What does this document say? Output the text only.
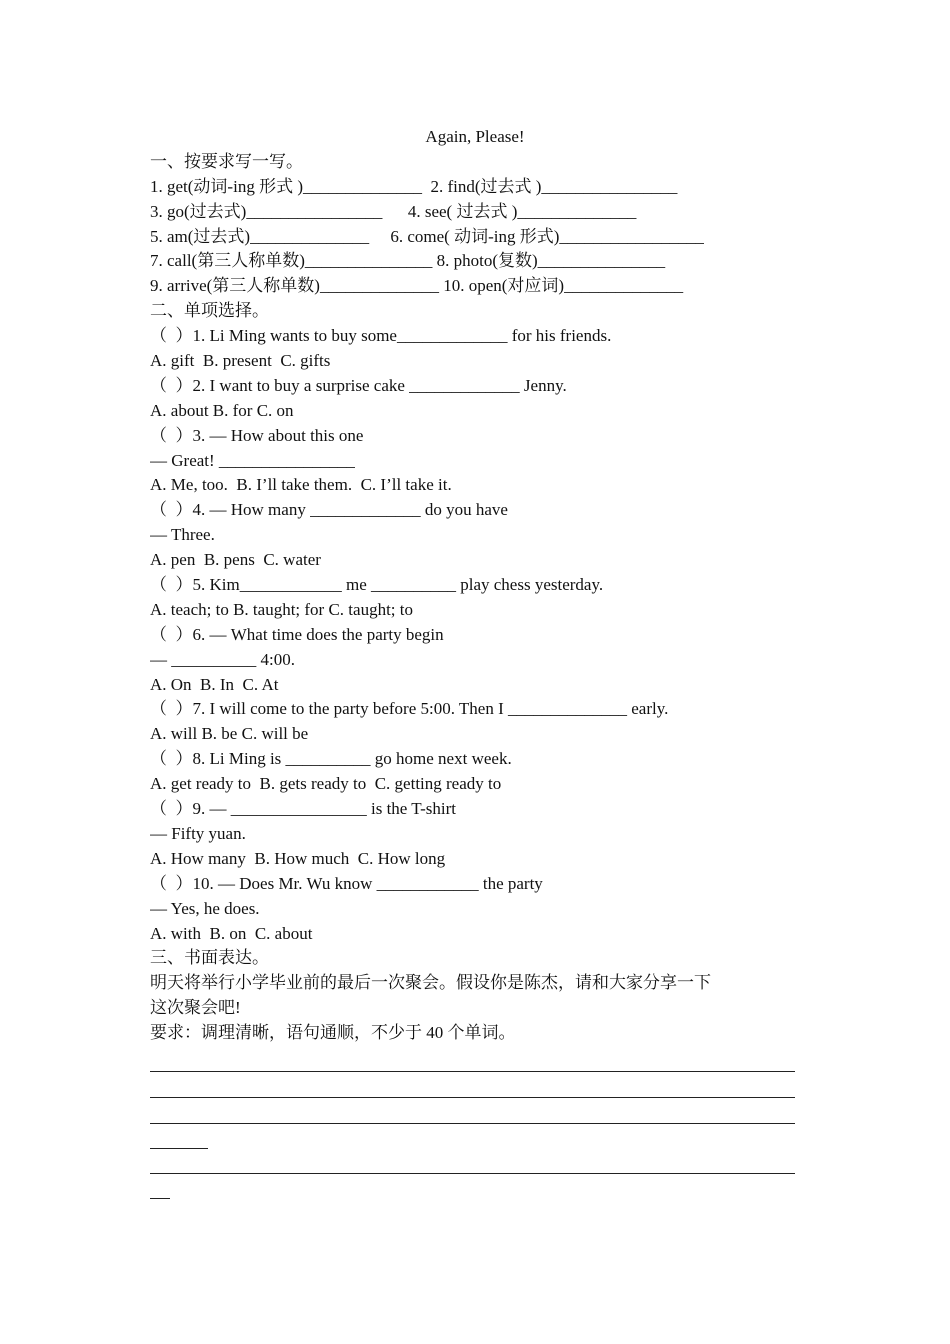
Again, Please!
一、按要求写一写。
1. get(动词-ing 形式 )______________  2. find(过去式 )________________
3. go(过去式)________________      4. see( 过去式 )______________
5. am(过去式)______________     6. come( 动词-ing 形式)_________________
7. call(第三人称单数)_______________ 8. photo(复数)_______________
9. arrive(第三人称单数)______________ 10. open(对应词)______________
二、单项选择。
（  ）1. Li Ming wants to buy some_____________ for his friends.
A. gift  B. present  C. gifts
（  ）2. I want to buy a surprise cake _____________ Jenny.
A. about B. for C. on
（  ）3. — How about this one
— Great! ________________
A. Me, too.  B. I’ll take them.  C. I’ll take it.
（  ）4. — How many _____________ do you have
— Three.
A. pen  B. pens  C. water
（  ）5. Kim____________ me __________ play chess yesterday.
A. teach; to B. taught; for C. taught; to
（  ）6. — What time does the party begin
— __________ 4:00.
A. On  B. In  C. At
（  ）7. I will come to the party before 5:00. Then I ______________ early.
A. will B. be C. will be
（  ）8. Li Ming is __________ go home next week.
A. get ready to  B. gets ready to  C. getting ready to
（  ）9. — ________________ is the T-shirt
— Fifty yuan.
A. How many  B. How much  C. How long
（  ）10. — Does Mr. Wu know ____________ the party
— Yes, he does.
A. with  B. on  C. about
三、书面表达。
明天将举行小学毕业前的最后一次聚会。假设你是陈杰，请和大家分享一下
这次聚会吧!
要求：调理清晰，语句通顺，不少于 40 个单词。
